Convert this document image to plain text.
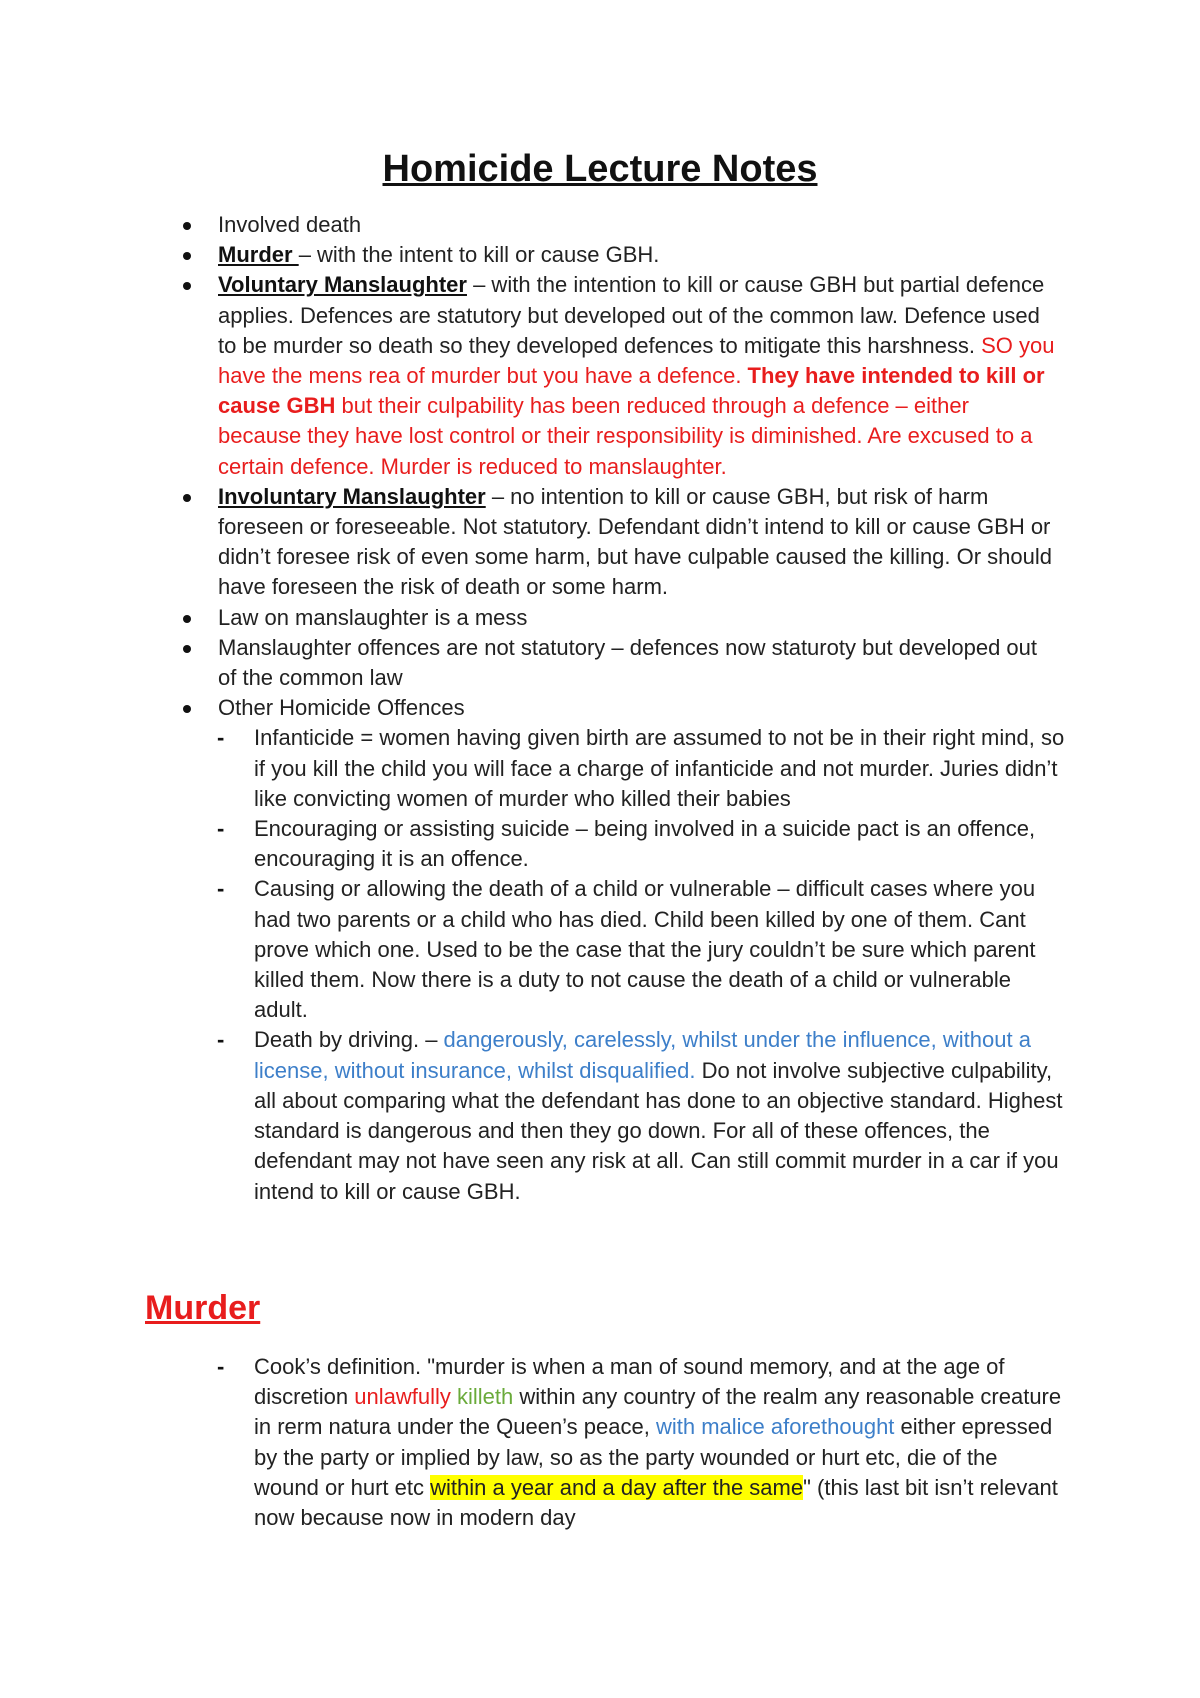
Homicide Lecture Notes
Involved death
Murder – with the intent to kill or cause GBH.
Voluntary Manslaughter – with the intention to kill or cause GBH but partial defence applies. Defences are statutory but developed out of the common law. Defence used to be murder so death so they developed defences to mitigate this harshness. SO you have the mens rea of murder but you have a defence. They have intended to kill or cause GBH but their culpability has been reduced through a defence – either because they have lost control or their responsibility is diminished. Are excused to a certain defence. Murder is reduced to manslaughter.
Involuntary Manslaughter – no intention to kill or cause GBH, but risk of harm foreseen or foreseeable. Not statutory. Defendant didn’t intend to kill or cause GBH or didn’t foresee risk of even some harm, but have culpable caused the killing. Or should have foreseen the risk of death or some harm.
Law on manslaughter is a mess
Manslaughter offences are not statutory – defences now staturoty but developed out of the common law
Other Homicide Offences
- Infanticide = women having given birth are assumed to not be in their right mind, so if you kill the child you will face a charge of infanticide and not murder. Juries didn’t like convicting women of murder who killed their babies
- Encouraging or assisting suicide – being involved in a suicide pact is an offence, encouraging it is an offence.
- Causing or allowing the death of a child or vulnerable – difficult cases where you had two parents or a child who has died. Child been killed by one of them. Cant prove which one. Used to be the case that the jury couldn’t be sure which parent killed them. Now there is a duty to not cause the death of a child or vulnerable adult.
- Death by driving. – dangerously, carelessly, whilst under the influence, without a license, without insurance, whilst disqualified. Do not involve subjective culpability, all about comparing what the defendant has done to an objective standard. Highest standard is dangerous and then they go down. For all of these offences, the defendant may not have seen any risk at all. Can still commit murder in a car if you intend to kill or cause GBH.
Murder
- Cook’s definition. "murder is when a man of sound memory, and at the age of discretion unlawfully killeth within any country of the realm any reasonable creature in rerm natura under the Queen’s peace, with malice aforethought either epressed by the party or implied by law, so as the party wounded or hurt etc, die of the wound or hurt etc within a year and a day after the same" (this last bit isn’t relevant now because now in modern day
